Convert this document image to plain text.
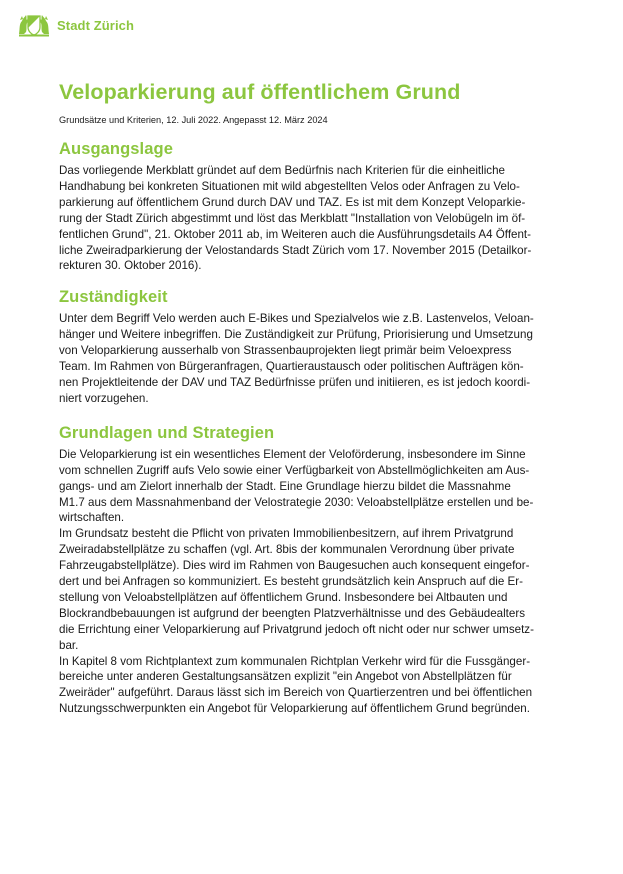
Stadt Zürich
Veloparkierung auf öffentlichem Grund

Grundsätze und Kriterien, 12. Juli 2022. Angepasst 12. März 2024

Ausgangslage

Das vorliegende Merkblatt gründet auf dem Bedürfnis nach Kriterien für die einheitliche
Handhabung bei konkreten Situationen mit wild abgestellten Velos oder Anfragen zu Velo-
parkierung auf öffentlichem Grund durch DAV und TAZ. Es ist mit dem Konzept Veloparkie-
rung der Stadt Zürich abgestimmt und löst das Merkblatt "Installation von Velobügeln im öf-
fentlichen Grund", 21. Oktober 2011 ab, im Weiteren auch die Ausführungsdetails A4 Öffent-
liche Zweiradparkierung der Velostandards Stadt Zürich vom 17. November 2015 (Detailkor-
rekturen 30. Oktober 2016).

Zuständigkeit

Unter dem Begriff Velo werden auch E-Bikes und Spezialvelos wie z.B. Lastenvelos, Veloan-
hänger und Weitere inbegriffen. Die Zuständigkeit zur Prüfung, Priorisierung und Umsetzung
von Veloparkierung ausserhalb von Strassenbauprojekten liegt primär beim Veloexpress
Team. Im Rahmen von Bürgeranfragen, Quartieraustausch oder politischen Aufträgen kön-
nen Projektleitende der DAV und TAZ Bedürfnisse prüfen und initiieren, es ist jedoch koordi-
niert vorzugehen.

Grundlagen und Strategien

Die Veloparkierung ist ein wesentliches Element der Veloförderung, insbesondere im Sinne
vom schnellen Zugriff aufs Velo sowie einer Verfügbarkeit von Abstellmöglichkeiten am Aus-
gangs- und am Zielort innerhalb der Stadt. Eine Grundlage hierzu bildet die Massnahme
M1.7 aus dem Massnahmenband der Velostrategie 2030: Veloabstellplätze erstellen und be-
wirtschaften.

Im Grundsatz besteht die Pflicht von privaten Immobilienbesitzern, auf ihrem Privatgrund
Zweiradabstellplätze zu schaffen (vgl. Art. 8bis der kommunalen Verordnung über private
Fahrzeugabstellplätze). Dies wird im Rahmen von Baugesuchen auch konsequent eingefor-
dert und bei Anfragen so kommuniziert. Es besteht grundsätzlich kein Anspruch auf die Er-
stellung von Veloabstellplätzen auf öffentlichem Grund. Insbesondere bei Altbauten und
Blockrandbebauungen ist aufgrund der beengten Platzverhältnisse und des Gebäudealters
die Errichtung einer Veloparkierung auf Privatgrund jedoch oft nicht oder nur schwer umsetz-
bar.

In Kapitel 8 vom Richtplantext zum kommunalen Richtplan Verkehr wird für die Fussgänger-
bereiche unter anderen Gestaltungsansätzen explizit "ein Angebot von Abstellplätzen für
Zweiräder" aufgeführt. Daraus lässt sich im Bereich von Quartierzentren und bei öffentlichen
Nutzungsschwerpunkten ein Angebot für Veloparkierung auf öffentlichem Grund begründen.
